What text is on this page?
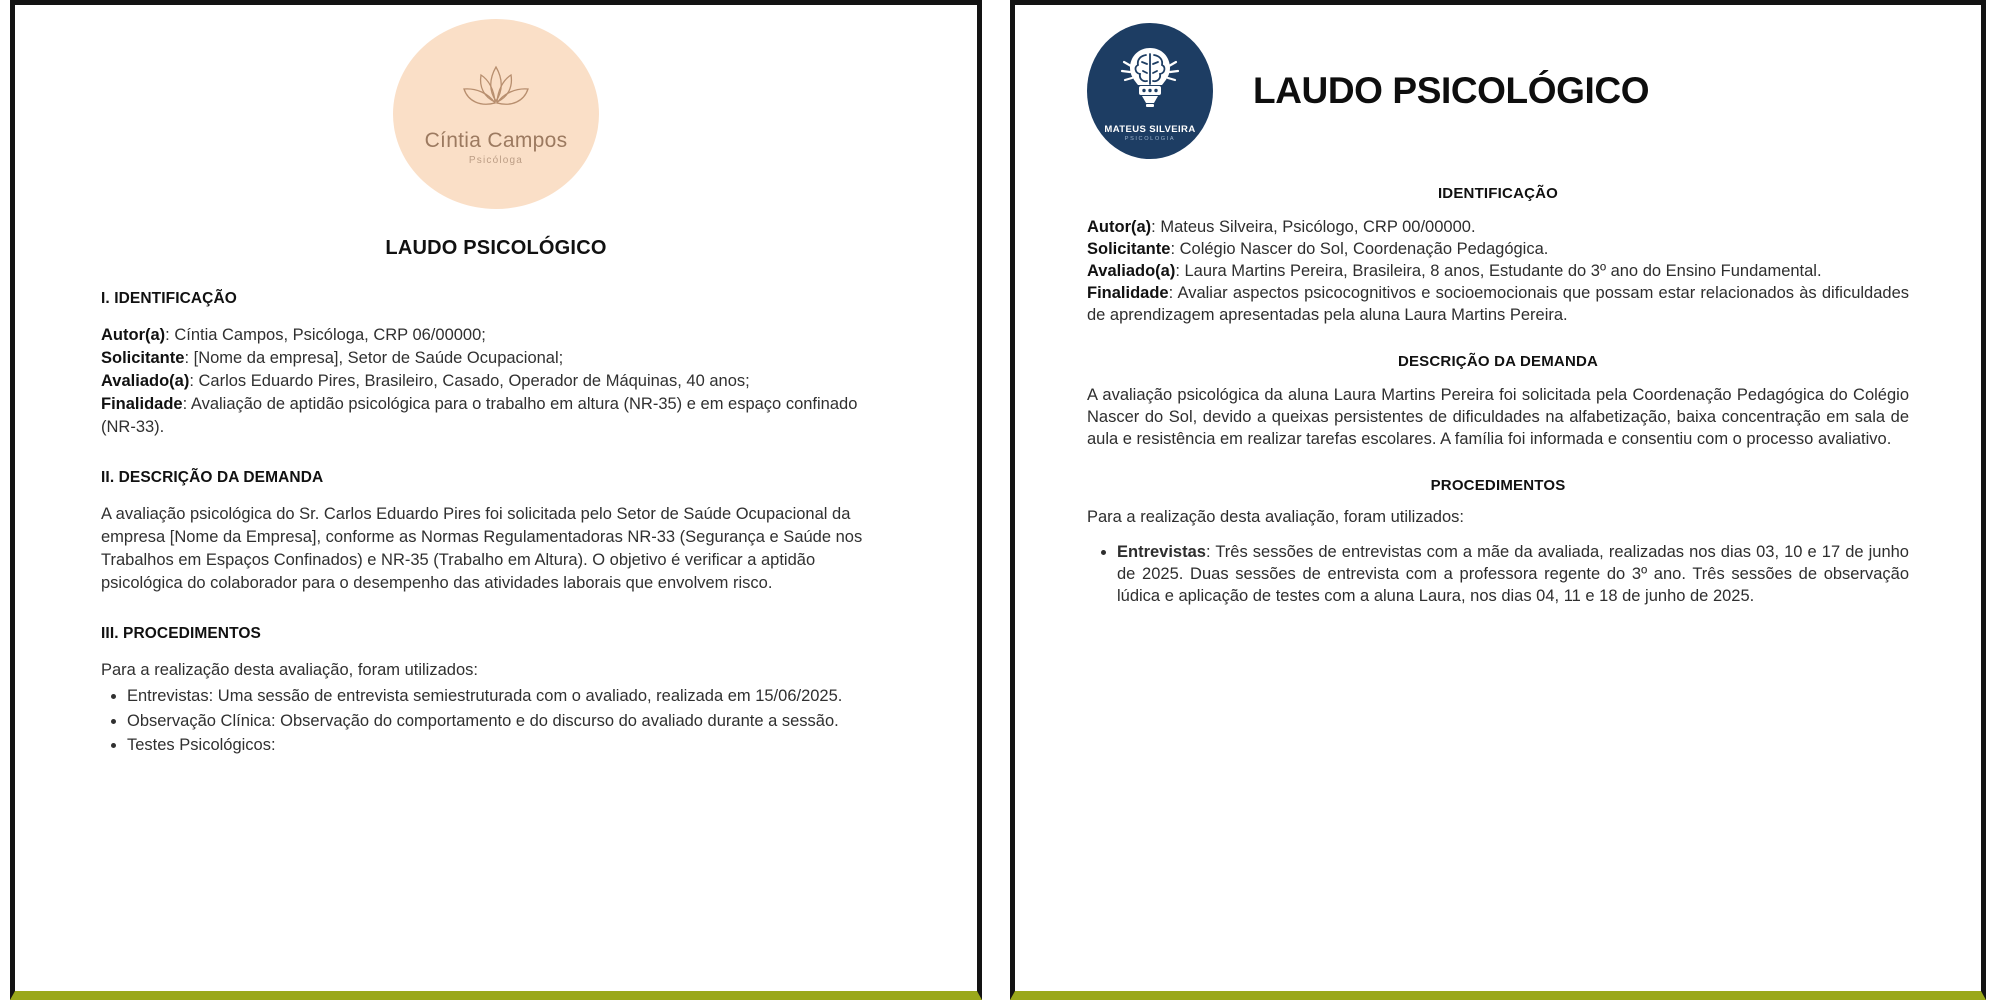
Cíntia Campos
Psicóloga
LAUDO PSICOLÓGICO
I. IDENTIFICAÇÃO
Autor(a): Cíntia Campos, Psicóloga, CRP 06/00000;
Solicitante: [Nome da empresa], Setor de Saúde Ocupacional;
Avaliado(a): Carlos Eduardo Pires, Brasileiro, Casado, Operador de Máquinas, 40 anos;
Finalidade: Avaliação de aptidão psicológica para o trabalho em altura (NR-35) e em espaço confinado (NR-33).
II. DESCRIÇÃO DA DEMANDA
A avaliação psicológica do Sr. Carlos Eduardo Pires foi solicitada pelo Setor de Saúde Ocupacional da empresa [Nome da Empresa], conforme as Normas Regulamentadoras NR-33 (Segurança e Saúde nos Trabalhos em Espaços Confinados) e NR-35 (Trabalho em Altura). O objetivo é verificar a aptidão psicológica do colaborador para o desempenho das atividades laborais que envolvem risco.
III. PROCEDIMENTOS
Para a realização desta avaliação, foram utilizados:
• Entrevistas: Uma sessão de entrevista semiestruturada com o avaliado, realizada em 15/06/2025.
• Observação Clínica: Observação do comportamento e do discurso do avaliado durante a sessão.
• Testes Psicológicos:
MATEUS SILVEIRA
PSICOLOGIA
LAUDO PSICOLÓGICO
IDENTIFICAÇÃO
Autor(a): Mateus Silveira, Psicólogo, CRP 00/00000.
Solicitante: Colégio Nascer do Sol, Coordenação Pedagógica.
Avaliado(a): Laura Martins Pereira, Brasileira, 8 anos, Estudante do 3º ano do Ensino Fundamental.
Finalidade: Avaliar aspectos psicocognitivos e socioemocionais que possam estar relacionados às dificuldades de aprendizagem apresentadas pela aluna Laura Martins Pereira.
DESCRIÇÃO DA DEMANDA
A avaliação psicológica da aluna Laura Martins Pereira foi solicitada pela Coordenação Pedagógica do Colégio Nascer do Sol, devido a queixas persistentes de dificuldades na alfabetização, baixa concentração em sala de aula e resistência em realizar tarefas escolares. A família foi informada e consentiu com o processo avaliativo.
PROCEDIMENTOS
Para a realização desta avaliação, foram utilizados:
• Entrevistas: Três sessões de entrevistas com a mãe da avaliada, realizadas nos dias 03, 10 e 17 de junho de 2025. Duas sessões de entrevista com a professora regente do 3º ano. Três sessões de observação lúdica e aplicação de testes com a aluna Laura, nos dias 04, 11 e 18 de junho de 2025.
